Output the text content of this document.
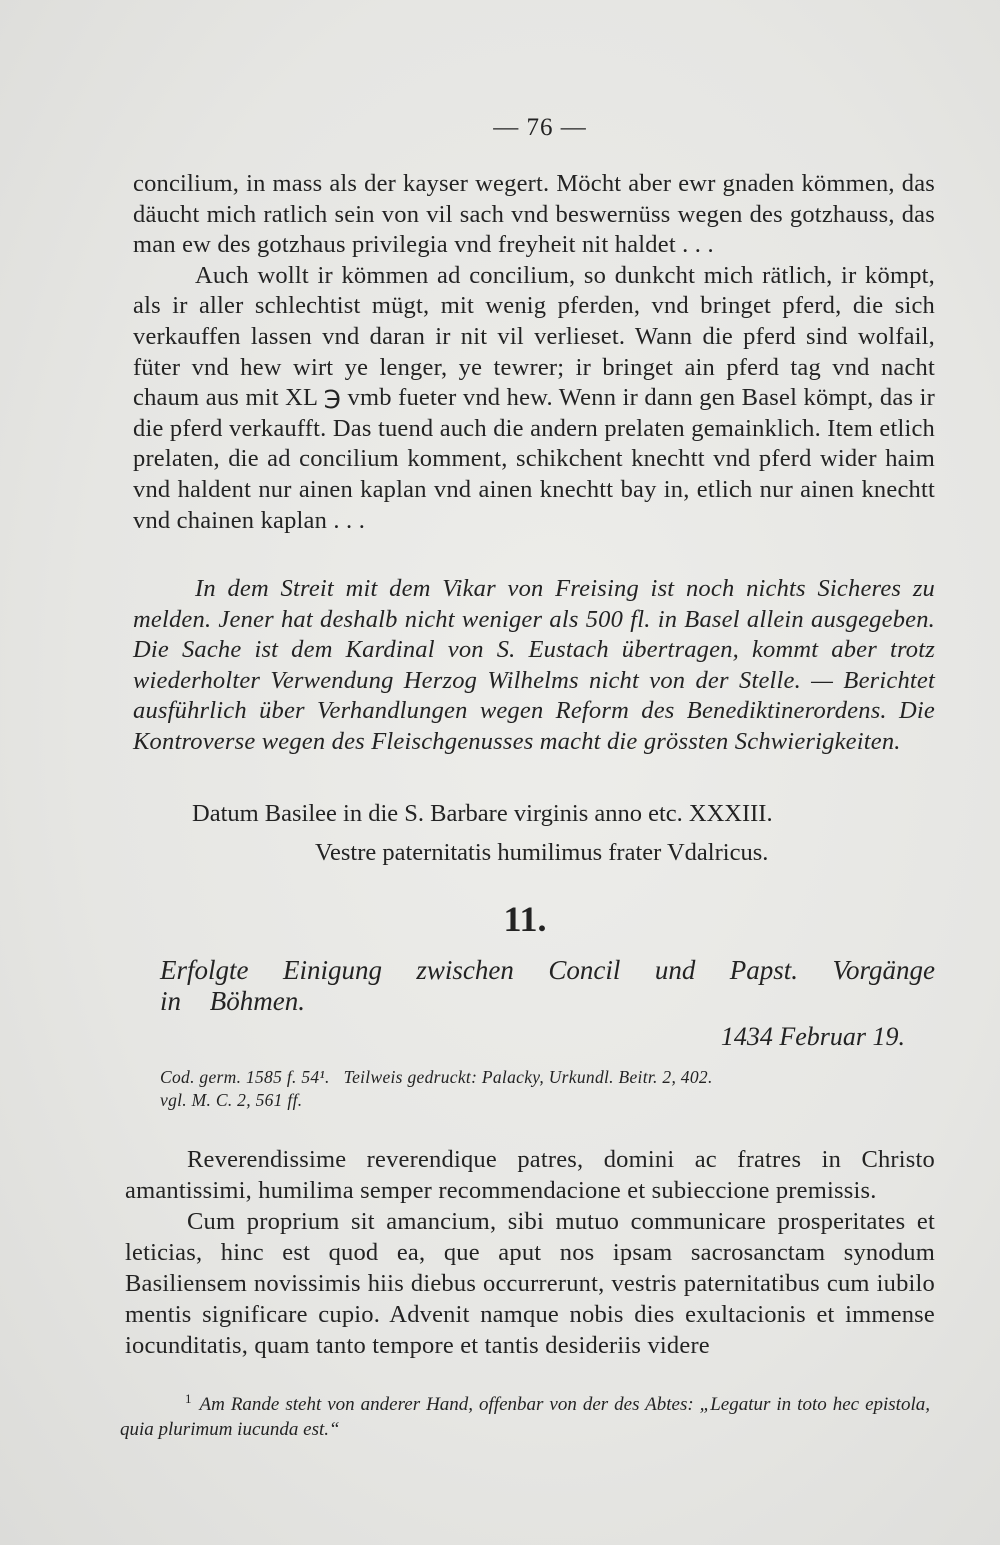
— 76 —

concilium, in mass als der kayser wegert. Möcht aber ewr gnaden kömmen, das däucht mich ratlich sein von vil sach vnd beswernüss wegen des gotzhauss, das man ew des gotzhaus privilegia vnd freyheit nit haldet . . .

Auch wollt ir kömmen ad concilium, so dunkcht mich rätlich, ir kömpt, als ir aller schlechtist mügt, mit wenig pferden, vnd bringet pferd, die sich verkauffen lassen vnd daran ir nit vil verlieset. Wann die pferd sind wolfail, füter vnd hew wirt ye lenger, ye tewrer; ir bringet ain pferd tag vnd nacht chaum aus mit XL ℈ vmb fueter vnd hew. Wenn ir dann gen Basel kömpt, das ir die pferd verkaufft. Das tuend auch die andern prelaten gemainklich. Item etlich prelaten, die ad concilium komment, schikchent knechtt vnd pferd wider haim vnd haldent nur ainen kaplan vnd ainen knechtt bay in, etlich nur ainen knechtt vnd chainen kaplan . . .

In dem Streit mit dem Vikar von Freising ist noch nichts Sicheres zu melden. Jener hat deshalb nicht weniger als 500 fl. in Basel allein ausgegeben. Die Sache ist dem Kardinal von S. Eustach übertragen, kommt aber trotz wiederholter Verwendung Herzog Wilhelms nicht von der Stelle. — Berichtet ausführlich über Verhandlungen wegen Reform des Benediktinerordens. Die Kontroverse wegen des Fleischgenusses macht die grössten Schwierigkeiten.

Datum Basilee in die S. Barbare virginis anno etc. XXXIII.

Vestre paternitatis humilimus frater Vdalricus.

11.
Erfolgte Einigung zwischen Concil und Papst. Vorgänge in Böhmen.
1434 Februar 19.
Cod. germ. 1585 f. 54¹. Teilweis gedruckt: Palacky, Urkundl. Beitr. 2, 402.
vgl. M. C. 2, 561 ff.

Reverendissime reverendique patres, domini ac fratres in Christo amantissimi, humilima semper recommendacione et subieccione premissis.

Cum proprium sit amancium, sibi mutuo communicare prosperitates et leticias, hinc est quod ea, que aput nos ipsam sacrosanctam synodum Basiliensem novissimis hiis diebus occurrerunt, vestris paternitatibus cum iubilo mentis significare cupio. Advenit namque nobis dies exultacionis et immense iocunditatis, quam tanto tempore et tantis desideriis videre

$^1$ Am Rande steht von anderer Hand, offenbar von der des Abtes: „Legatur in toto hec epistola, quia plurimum iucunda est.“
